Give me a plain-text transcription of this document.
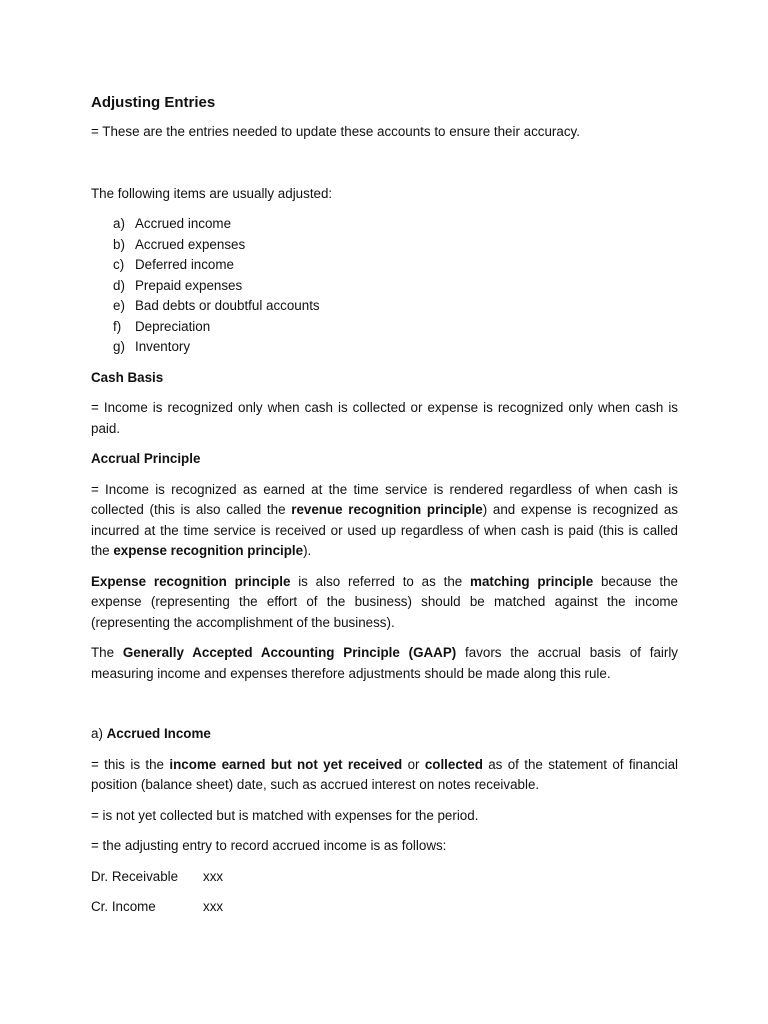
Adjusting Entries

= These are the entries needed to update these accounts to ensure their accuracy.

The following items are usually adjusted:

a) Accrued income
b) Accrued expenses
c) Deferred income
d) Prepaid expenses
e) Bad debts or doubtful accounts
f)	Depreciation
g) Inventory

Cash Basis

= Income is recognized only when cash is collected or expense is recognized only when cash is paid.

Accrual Principle

= Income is recognized as earned at the time service is rendered regardless of when cash is collected (this is also called the revenue recognition principle) and expense is recognized as incurred at the time service is received or used up regardless of when cash is paid (this is called the expense recognition principle).

Expense recognition principle is also referred to as the matching principle because the expense (representing the effort of the business) should be matched against the income (representing the accomplishment of the business).

The Generally Accepted Accounting Principle (GAAP) favors the accrual basis of fairly measuring income and expenses therefore adjustments should be made along this rule.

a) Accrued Income

= this is the income earned but not yet received or collected as of the statement of financial position (balance sheet) date, such as accrued interest on notes receivable.

= is not yet collected but is matched with expenses for the period.

= the adjusting entry to record accrued income is as follows:

Dr. Receivable	xxx
Cr. Income	xxx
